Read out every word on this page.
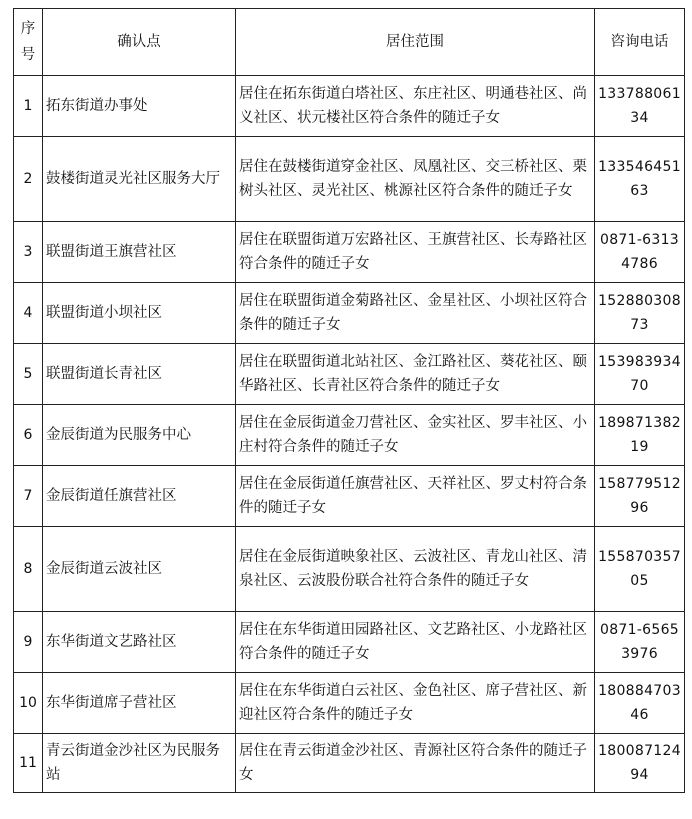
序号	确认点	居住范围	咨询电话
1	拓东街道办事处	居住在拓东街道白塔社区、东庄社区、明通巷社区、尚义社区、状元楼社区符合条件的随迁子女	13378806134
2	鼓楼街道灵光社区服务大厅	居住在鼓楼街道穿金社区、凤凰社区、交三桥社区、栗树头社区、灵光社区、桃源社区符合条件的随迁子女	13354645163
3	联盟街道王旗营社区	居住在联盟街道万宏路社区、王旗营社区、长寿路社区符合条件的随迁子女	0871-63134786
4	联盟街道小坝社区	居住在联盟街道金菊路社区、金星社区、小坝社区符合条件的随迁子女	15288030873
5	联盟街道长青社区	居住在联盟街道北站社区、金江路社区、葵花社区、颐华路社区、长青社区符合条件的随迁子女	15398393470
6	金辰街道为民服务中心	居住在金辰街道金刀营社区、金实社区、罗丰社区、小庄村符合条件的随迁子女	18987138219
7	金辰街道任旗营社区	居住在金辰街道任旗营社区、天祥社区、罗丈村符合条件的随迁子女	15877951296
8	金辰街道云波社区	居住在金辰街道映象社区、云波社区、青龙山社区、清泉社区、云波股份联合社符合条件的随迁子女	15587035705
9	东华街道文艺路社区	居住在东华街道田园路社区、文艺路社区、小龙路社区符合条件的随迁子女	0871-65653976
10	东华街道席子营社区	居住在东华街道白云社区、金色社区、席子营社区、新迎社区符合条件的随迁子女	18088470346
11	青云街道金沙社区为民服务站	居住在青云街道金沙社区、青源社区符合条件的随迁子女	18008712494
